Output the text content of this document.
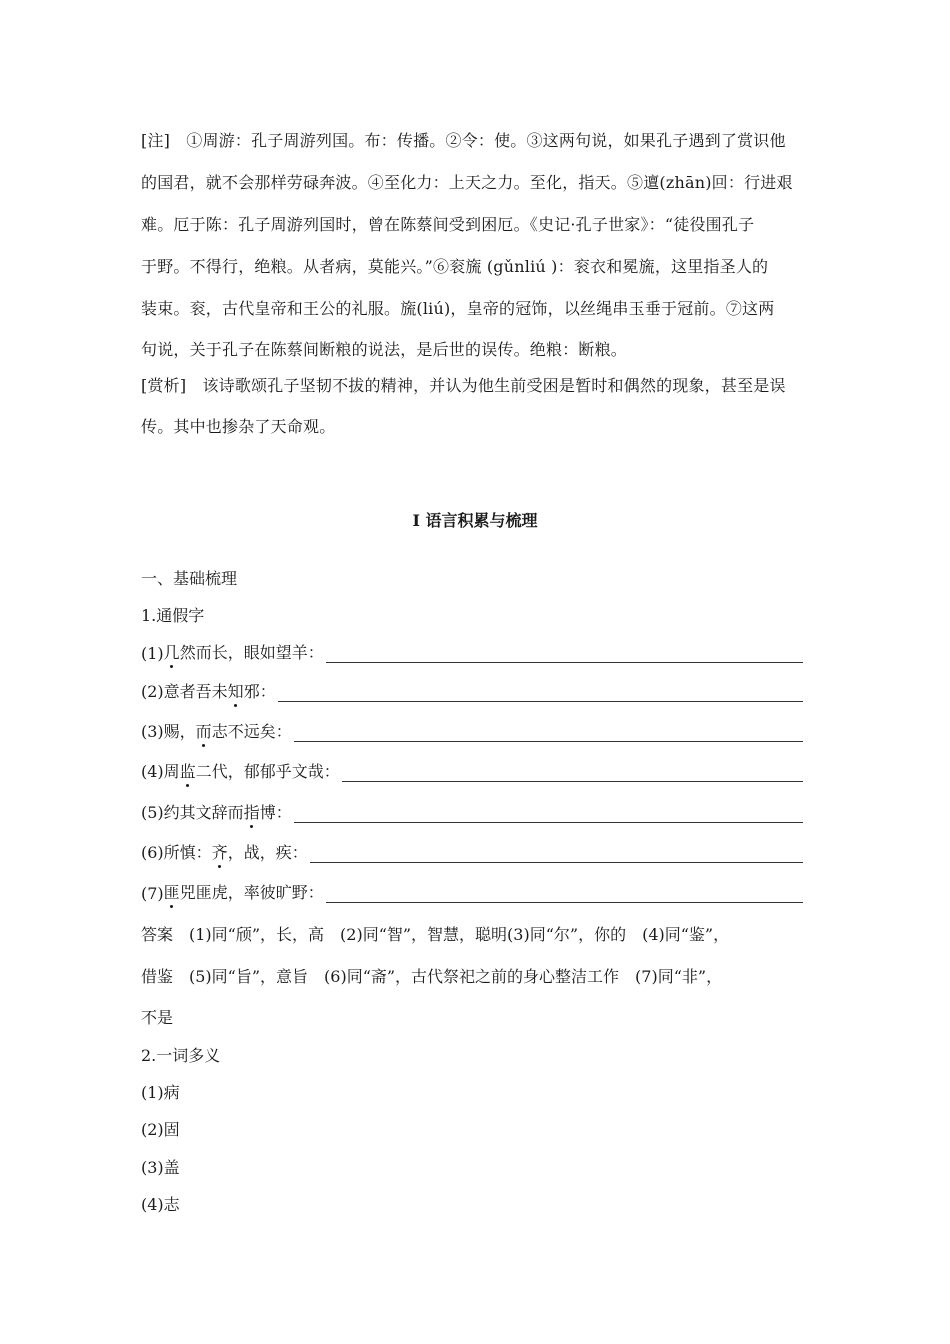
[注]　①周游：孔子周游列国。布：传播。②令：使。③这两句说，如果孔子遇到了赏识他
的国君，就不会那样劳碌奔波。④至化力：上天之力。至化，指天。⑤邅(zhān)回：行进艰
难。厄于陈：孔子周游列国时，曾在陈蔡间受到困厄。《史记·孔子世家》：“徒役围孔子
于野。不得行，绝粮。从者病，莫能兴。”⑥衮旒 (gǔnliú )：衮衣和冕旒，这里指圣人的
装束。衮，古代皇帝和王公的礼服。旒(liú)，皇帝的冠饰，以丝绳串玉垂于冠前。⑦这两
句说，关于孔子在陈蔡间断粮的说法，是后世的误传。绝粮：断粮。
[赏析]　该诗歌颂孔子坚韧不拔的精神，并认为他生前受困是暂时和偶然的现象，甚至是误
传。其中也掺杂了天命观。
Ⅰ 语言积累与梳理
一、基础梳理
1.通假字
(1) 几 然而长，眼如望羊：
(2)意者吾未 知 邪：
(3)赐， 而 志不远矣：
(4)周 监 二代，郁郁乎文哉：
(5)约其文辞而 指 博：
(6)所慎： 齐 ，战，疾：
(7) 匪 兕匪虎，率彼旷野：
答案　(1)同“颀”，长，高　(2)同“智”，智慧，聪明(3)同“尔”，你的　(4)同“鉴”，
借鉴　(5)同“旨”，意旨　(6)同“斋”，古代祭祀之前的身心整洁工作　(7)同“非”，
不是
2.一词多义
(1)病
(2)固
(3)盖
(4)志
